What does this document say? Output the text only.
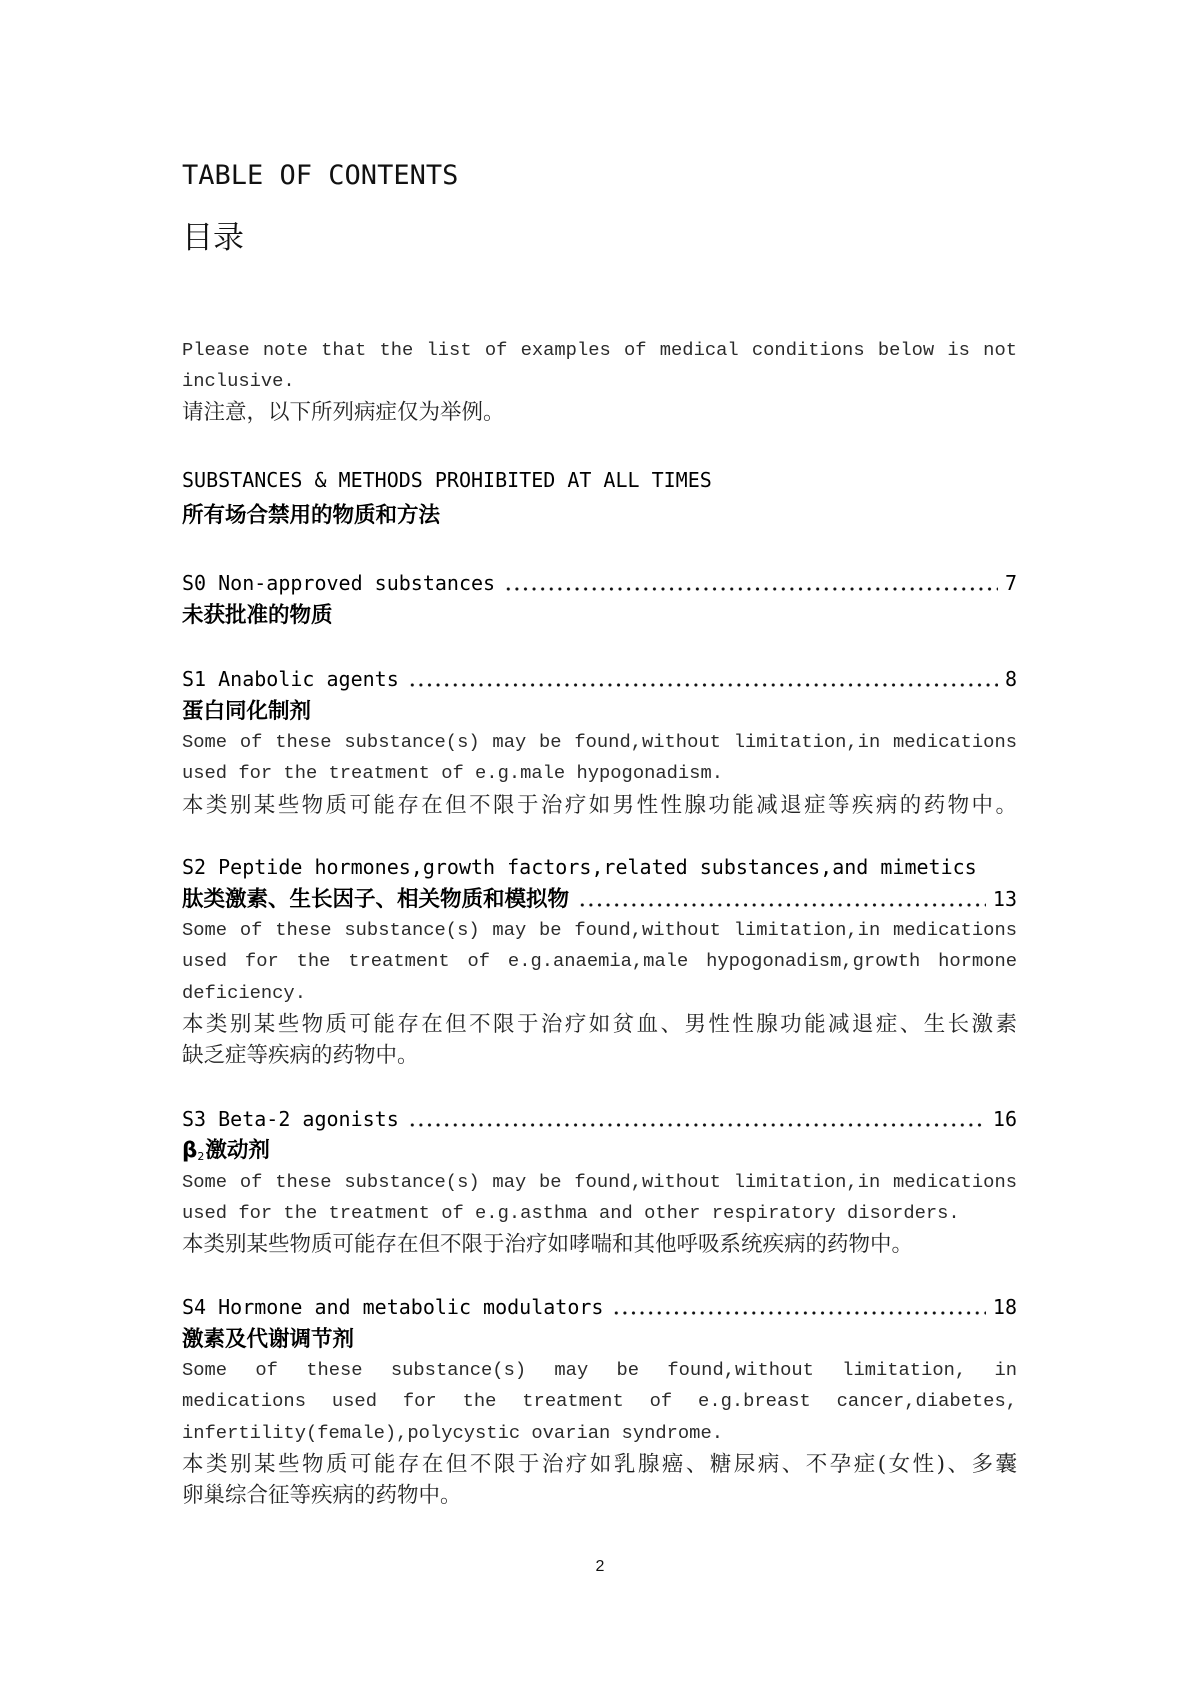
TABLE OF CONTENTS
目录
Please note that the list of examples of medical conditions below is not
inclusive.
请注意，以下所列病症仅为举例。
SUBSTANCES & METHODS PROHIBITED AT ALL TIMES
所有场合禁用的物质和方法
S0 Non-approved substances	7
未获批准的物质
S1 Anabolic agents	8
蛋白同化制剂
Some of these substance(s) may be found,without limitation,in medications
used for the treatment of e.g.male hypogonadism.
本类别某些物质可能存在但不限于治疗如男性性腺功能减退症等疾病的药物中。
S2 Peptide hormones,growth factors,related substances,and mimetics
肽类激素、生长因子、相关物质和模拟物	13
Some of these substance(s) may be found,without limitation,in medications
used for the treatment of e.g.anaemia,male hypogonadism,growth hormone
deficiency.
本类别某些物质可能存在但不限于治疗如贫血、男性性腺功能减退症、生长激素
缺乏症等疾病的药物中。
S3 Beta-2 agonists	16
β2激动剂
Some of these substance(s) may be found,without limitation,in medications
used for the treatment of e.g.asthma and other respiratory disorders.
本类别某些物质可能存在但不限于治疗如哮喘和其他呼吸系统疾病的药物中。
S4 Hormone and metabolic modulators	18
激素及代谢调节剂
Some of these substance(s) may be found,without limitation, in
medications used for the treatment of e.g.breast cancer,diabetes,
infertility(female),polycystic ovarian syndrome.
本类别某些物质可能存在但不限于治疗如乳腺癌、糖尿病、不孕症(女性)、多囊
卵巢综合征等疾病的药物中。
2
